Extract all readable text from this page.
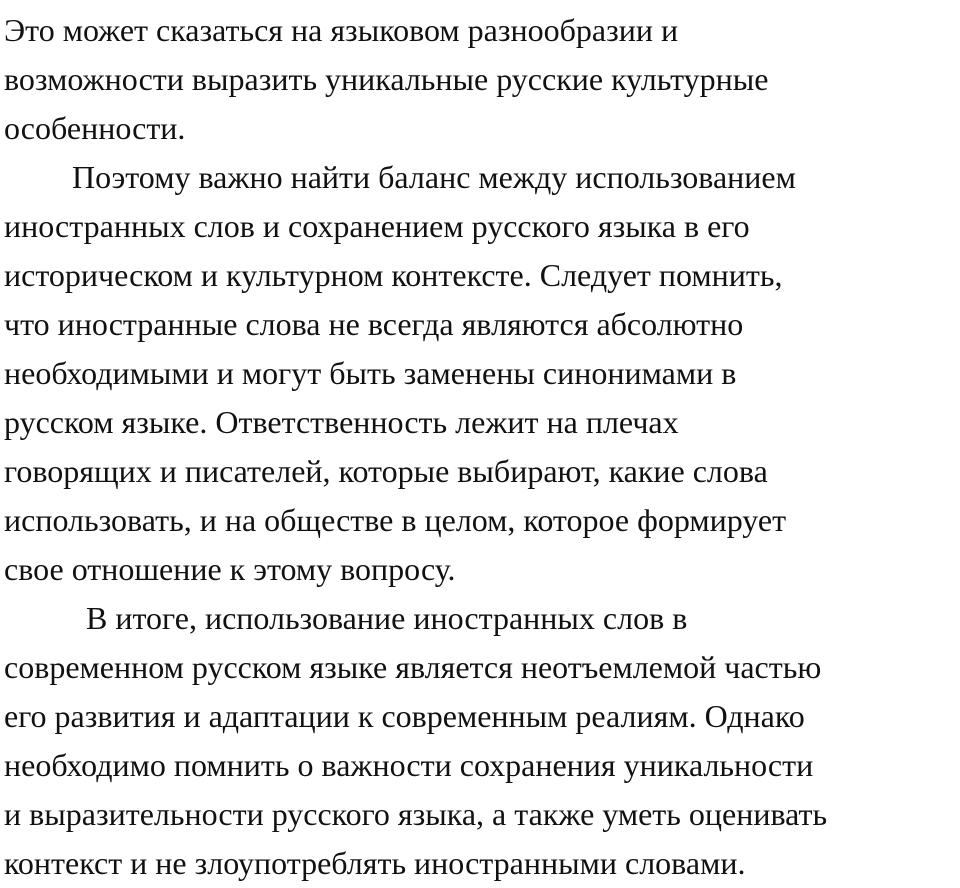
Это может сказаться на языковом разнообразии и
возможности выразить уникальные русские культурные
особенности.
Поэтому важно найти баланс между использованием
иностранных слов и сохранением русского языка в его
историческом и культурном контексте. Следует помнить,
что иностранные слова не всегда являются абсолютно
необходимыми и могут быть заменены синонимами в
русском языке. Ответственность лежит на плечах
говорящих и писателей, которые выбирают, какие слова
использовать, и на обществе в целом, которое формирует
свое отношение к этому вопросу.
В итоге, использование иностранных слов в
современном русском языке является неотъемлемой частью
его развития и адаптации к современным реалиям. Однако
необходимо помнить о важности сохранения уникальности
и выразительности русского языка, а также уметь оценивать
контекст и не злоупотреблять иностранными словами.
